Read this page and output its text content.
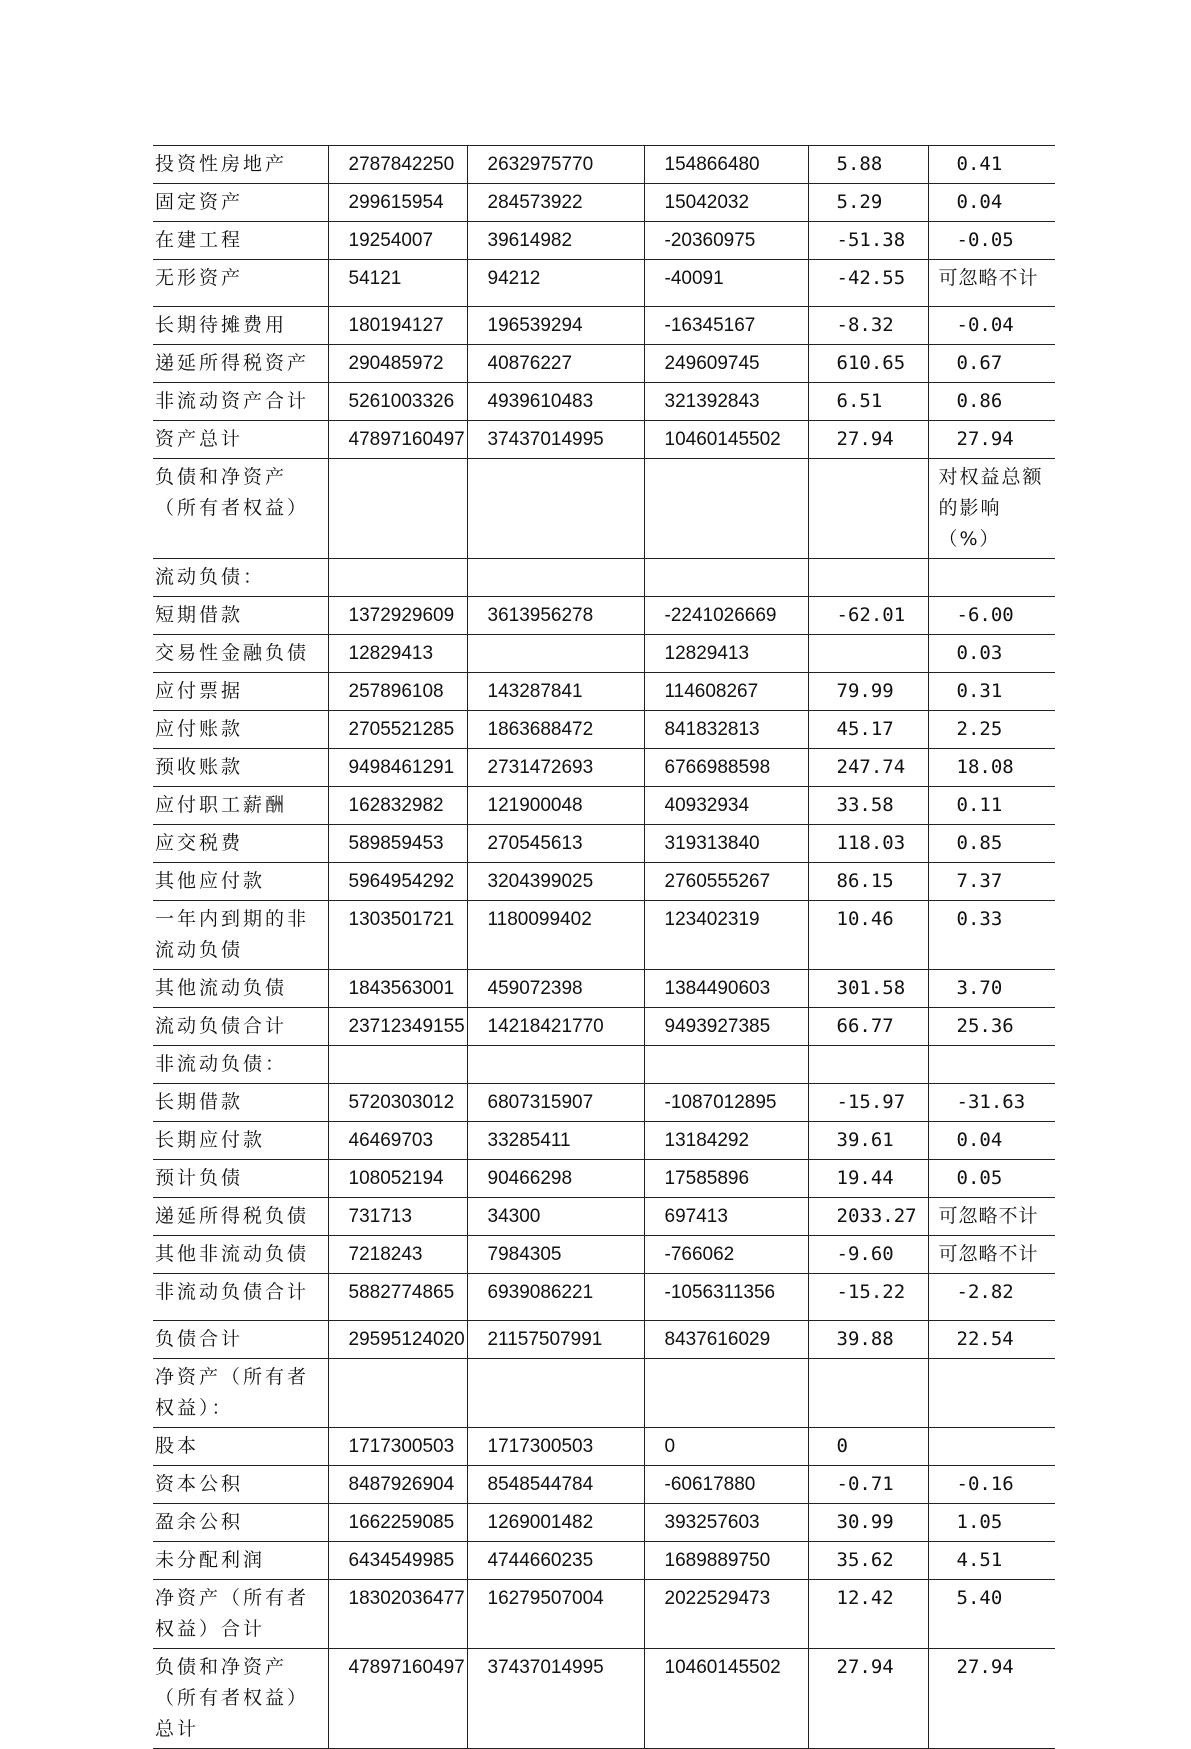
投资性房地产	2787842250	2632975770	154866480	5.88	0.41
固定资产	299615954	284573922	15042032	5.29	0.04
在建工程	19254007	39614982	-20360975	-51.38	-0.05
无形资产	54121	94212	-40091	-42.55	可忽略不计
长期待摊费用	180194127	196539294	-16345167	-8.32	-0.04
递延所得税资产	290485972	40876227	249609745	610.65	0.67
非流动资产合计	5261003326	4939610483	321392843	6.51	0.86
资产总计	47897160497	37437014995	10460145502	27.94	27.94
负债和净资产（所有者权益）					对权益总额的影响（%）
流动负债：					
短期借款	1372929609	3613956278	-2241026669	-62.01	-6.00
交易性金融负债	12829413		12829413		0.03
应付票据	257896108	143287841	114608267	79.99	0.31
应付账款	2705521285	1863688472	841832813	45.17	2.25
预收账款	9498461291	2731472693	6766988598	247.74	18.08
应付职工薪酬	162832982	121900048	40932934	33.58	0.11
应交税费	589859453	270545613	319313840	118.03	0.85
其他应付款	5964954292	3204399025	2760555267	86.15	7.37
一年内到期的非流动负债	1303501721	1180099402	123402319	10.46	0.33
其他流动负债	1843563001	459072398	1384490603	301.58	3.70
流动负债合计	23712349155	14218421770	9493927385	66.77	25.36
非流动负债：					
长期借款	5720303012	6807315907	-1087012895	-15.97	-31.63
长期应付款	46469703	33285411	13184292	39.61	0.04
预计负债	108052194	90466298	17585896	19.44	0.05
递延所得税负债	731713	34300	697413	2033.27	可忽略不计
其他非流动负债	7218243	7984305	-766062	-9.60	可忽略不计
非流动负债合计	5882774865	6939086221	-1056311356	-15.22	-2.82
负债合计	29595124020	21157507991	8437616029	39.88	22.54
净资产（所有者权益）：					
股本	1717300503	1717300503	0	0	
资本公积	8487926904	8548544784	-60617880	-0.71	-0.16
盈余公积	1662259085	1269001482	393257603	30.99	1.05
未分配利润	6434549985	4744660235	1689889750	35.62	4.51
净资产（所有者权益）合计	18302036477	16279507004	2022529473	12.42	5.40
负债和净资产（所有者权益）总计	47897160497	37437014995	10460145502	27.94	27.94
